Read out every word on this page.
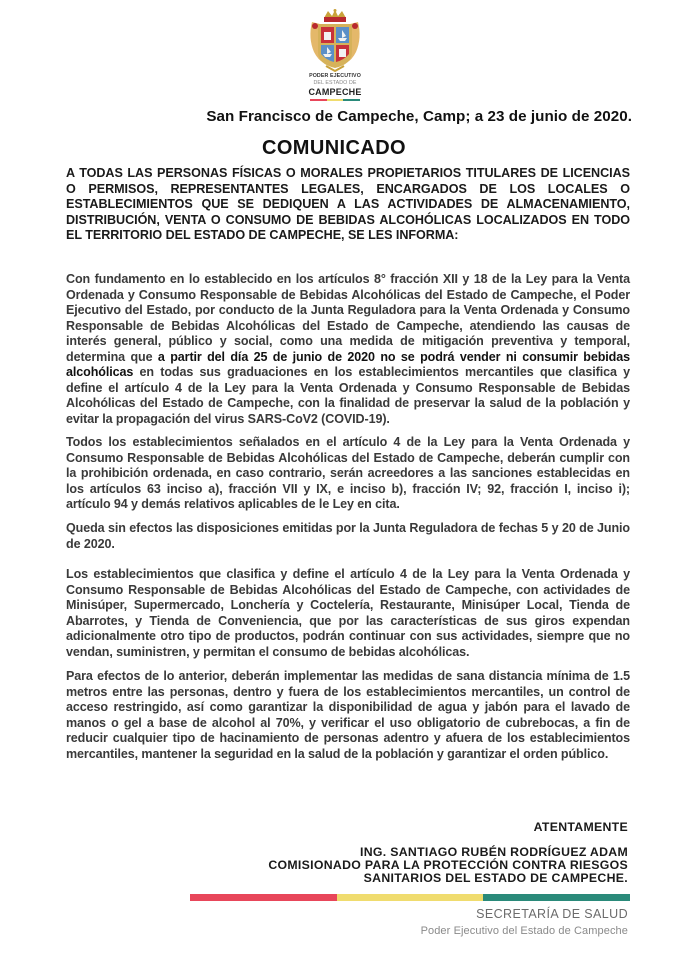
PODER EJECUTIVO
DEL ESTADO DE
CAMPECHE
San Francisco de Campeche, Camp; a 23 de junio de 2020.
COMUNICADO
A TODAS LAS PERSONAS FÍSICAS O MORALES PROPIETARIOS TITULARES DE LICENCIAS O PERMISOS, REPRESENTANTES LEGALES, ENCARGADOS DE LOS LOCALES O ESTABLECIMIENTOS QUE SE DEDIQUEN A LAS ACTIVIDADES DE ALMACENAMIENTO, DISTRIBUCIÓN, VENTA O CONSUMO DE BEBIDAS ALCOHÓLICAS LOCALIZADOS EN TODO EL TERRITORIO DEL ESTADO DE CAMPECHE, SE LES INFORMA:
Con fundamento en lo establecido en los artículos 8° fracción XII y 18 de la Ley para la Venta Ordenada y Consumo Responsable de Bebidas Alcohólicas del Estado de Campeche, el Poder Ejecutivo del Estado, por conducto de la Junta Reguladora para la Venta Ordenada y Consumo Responsable de Bebidas Alcohólicas del Estado de Campeche, atendiendo las causas de interés general, público y social, como una medida de mitigación preventiva y temporal, determina que a partir del día 25 de junio de 2020 no se podrá vender ni consumir bebidas alcohólicas en todas sus graduaciones en los establecimientos mercantiles que clasifica y define el artículo 4 de la Ley para la Venta Ordenada y Consumo Responsable de Bebidas Alcohólicas del Estado de Campeche, con la finalidad de preservar la salud de la población y evitar la propagación del virus SARS-CoV2 (COVID-19).
Todos los establecimientos señalados en el artículo 4 de la Ley para la Venta Ordenada y Consumo Responsable de Bebidas Alcohólicas del Estado de Campeche, deberán cumplir con la prohibición ordenada, en caso contrario, serán acreedores a las sanciones establecidas en los artículos 63 inciso a), fracción VII y IX, e inciso b), fracción IV; 92, fracción I, inciso i); artículo 94 y demás relativos aplicables de le Ley en cita.
Queda sin efectos las disposiciones emitidas por la Junta Reguladora de fechas 5 y 20 de Junio de 2020.
Los establecimientos que clasifica y define el artículo 4 de la Ley para la Venta Ordenada y Consumo Responsable de Bebidas Alcohólicas del Estado de Campeche, con actividades de Minisúper, Supermercado, Lonchería y Coctelería, Restaurante, Minisúper Local, Tienda de Abarrotes, y Tienda de Conveniencia, que por las características de sus giros expendan adicionalmente otro tipo de productos, podrán continuar con sus actividades, siempre que no vendan, suministren, y permitan el consumo de bebidas alcohólicas.
Para efectos de lo anterior, deberán implementar las medidas de sana distancia mínima de 1.5 metros entre las personas, dentro y fuera de los establecimientos mercantiles, un control de acceso restringido, así como garantizar la disponibilidad de agua y jabón para el lavado de manos o gel a base de alcohol al 70%, y verificar el uso obligatorio de cubrebocas, a fin de reducir cualquier tipo de hacinamiento de personas adentro y afuera de los establecimientos mercantiles, mantener la seguridad en la salud de la población y garantizar el orden público.
ATENTAMENTE
ING. SANTIAGO RUBÉN RODRÍGUEZ ADAM
COMISIONADO PARA LA PROTECCIÓN CONTRA RIESGOS
SANITARIOS DEL ESTADO DE CAMPECHE.
SECRETARÍA DE SALUD
Poder Ejecutivo del Estado de Campeche
